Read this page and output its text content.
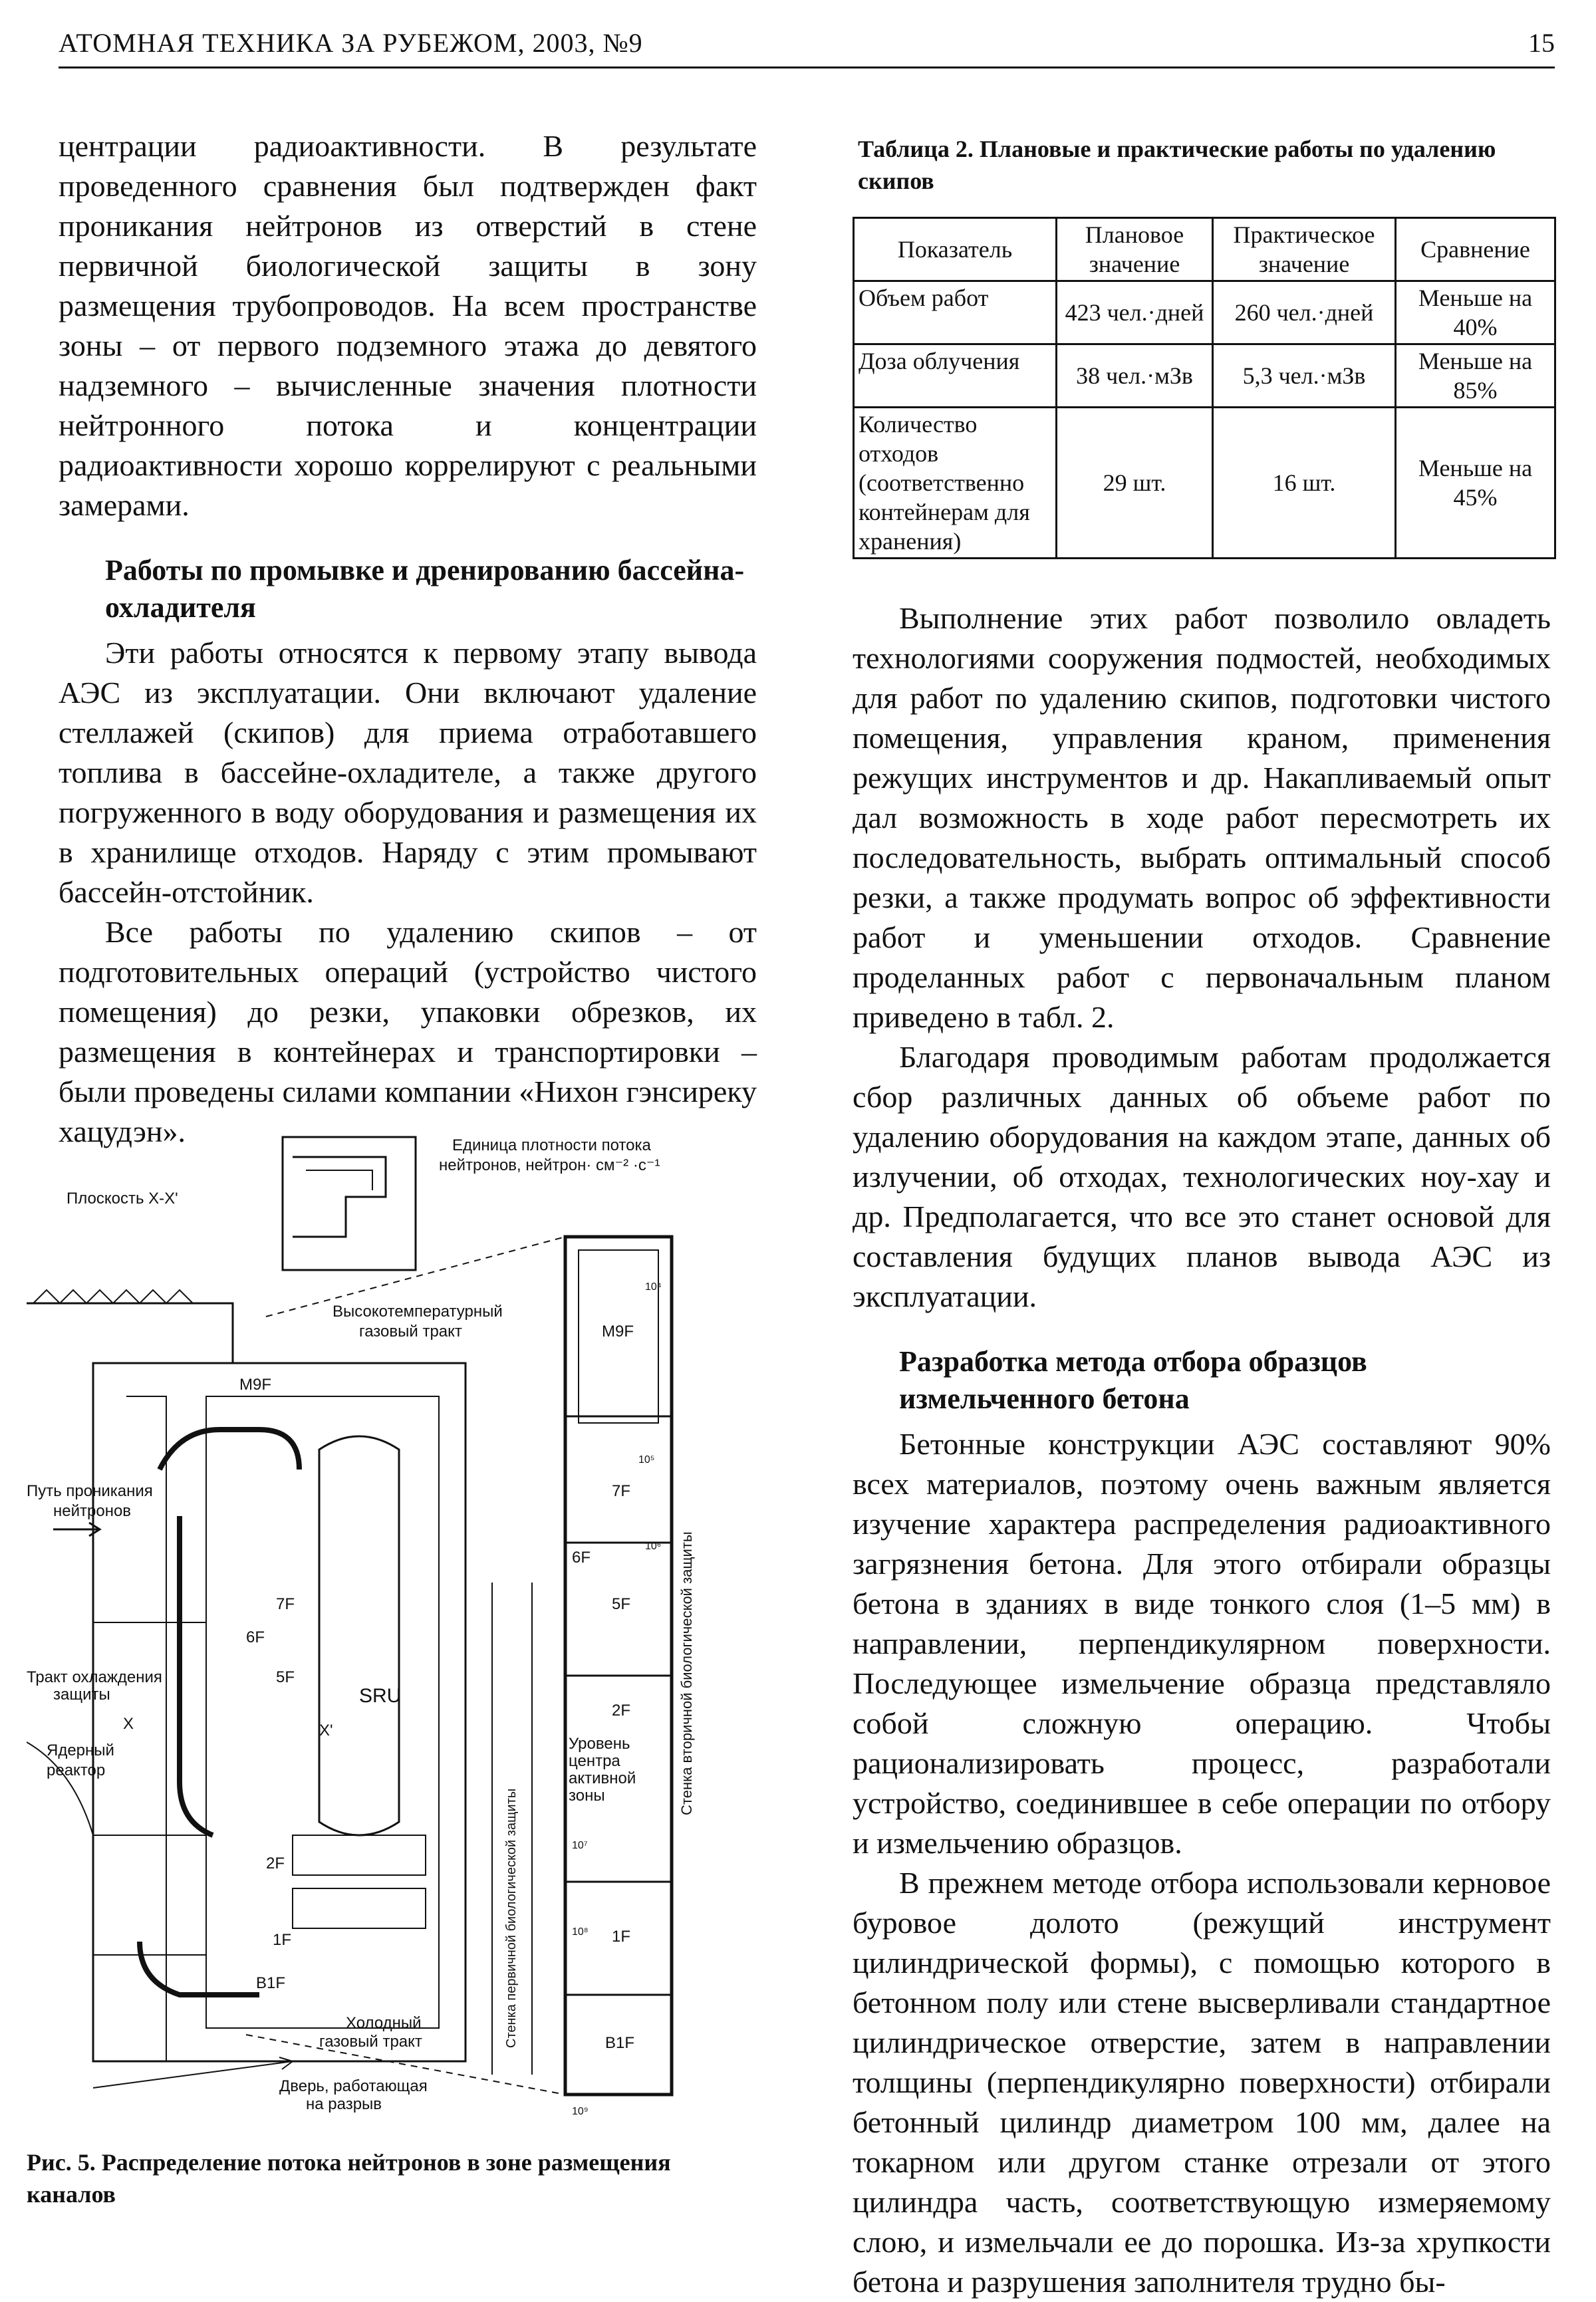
АТОМНАЯ ТЕХНИКА ЗА РУБЕЖОМ, 2003, №9	15

центрации радиоактивности. В результате проведенного сравнения был подтвержден факт проникания нейтронов из отверстий в стене первичной биологической защиты в зону размещения трубопроводов. На всем пространстве зоны – от первого подземного этажа до девятого надземного – вычисленные значения плотности нейтронного потока и концентрации радиоактивности хорошо коррелируют с реальными замерами.

Работы по промывке и дренированию бассейна-охладителя

Эти работы относятся к первому этапу вывода АЭС из эксплуатации. Они включают удаление стеллажей (скипов) для приема отработавшего топлива в бассейне-охладителе, а также другого погруженного в воду оборудования и размещения их в хранилище отходов. Наряду с этим промывают бассейн-отстойник.

Все работы по удалению скипов – от подготовительных операций (устройство чистого помещения) до резки, упаковки обрезков, их размещения в контейнерах и транспортировки – были проведены силами компании «Нихон гэнсиреку хацудэн».

Таблица 2. Плановые и практические работы по удалению скипов
Показатель	Плановое значение	Практическое значение	Сравнение
Объем работ	423 чел.·дней	260 чел.·дней	Меньше на 40%
Доза облучения	38 чел.·мЗв	5,3 чел.·мЗв	Меньше на 85%
Количество отходов (соответственно контейнерам для хранения)	29 шт.	16 шт.	Меньше на 45%

Выполнение этих работ позволило овладеть технологиями сооружения подмостей, необходимых для работ по удалению скипов, подготовки чистого помещения, управления краном, применения режущих инструментов и др. Накапливаемый опыт дал возможность в ходе работ пересмотреть их последовательность, выбрать оптимальный способ резки, а также продумать вопрос об эффективности работ и уменьшении отходов. Сравнение проделанных работ с первоначальным планом приведено в табл. 2.

Благодаря проводимым работам продолжается сбор различных данных об объеме работ по удалению оборудования на каждом этапе, данных об излучении, об отходах, технологических ноу-хау и др. Предполагается, что все это станет основой для составления будущих планов вывода АЭС из эксплуатации.

Разработка метода отбора образцов измельченного бетона

Бетонные конструкции АЭС составляют 90% всех материалов, поэтому очень важным является изучение характера распределения радиоактивного загрязнения бетона. Для этого отбирали образцы бетона в зданиях в виде тонкого слоя (1–5 мм) в направлении, перпендикулярном поверхности. Последующее измельчение образца представляло собой сложную операцию. Чтобы рационализировать процесс, разработали устройство, соединившее в себе операции по отбору и измельчению образцов.

В прежнем методе отбора использовали керновое буровое долото (режущий инструмент цилиндрической формы), с помощью которого в бетонном полу или стене высверливали стандартное цилиндрическое отверстие, затем в направлении толщины (перпендикулярно поверхности) отбирали бетонный цилиндр диаметром 100 мм, далее на токарном или другом станке отрезали от этого цилиндра часть, соответствующую измеряемому слою, и измельчали ее до порошка. Из-за хрупкости бетона и разрушения заполнителя трудно бы-

Плоскость X-X'
Единица плотности потока
нейтронов, нейтрон· см⁻² ·с⁻¹
Высокотемпературный
газовый тракт
Путь проникания
нейтронов
Тракт охлаждения
защиты
Ядерный
реактор
X	X'
SRU
Холодный
газовый тракт
Дверь, работающая
на разрыв
Уровень
центра
активной
зоны
Стенка первичной биологической защиты
Стенка вторичной биологической защиты
M9F
7F
6F
5F
2F
1F
B1F
M9F
7F
6F
5F
2F
1F
B1F
10⁴
10⁵
10⁶
10⁷
10⁸
10⁹
Рис. 5. Распределение потока нейтронов в зоне размещения каналов
